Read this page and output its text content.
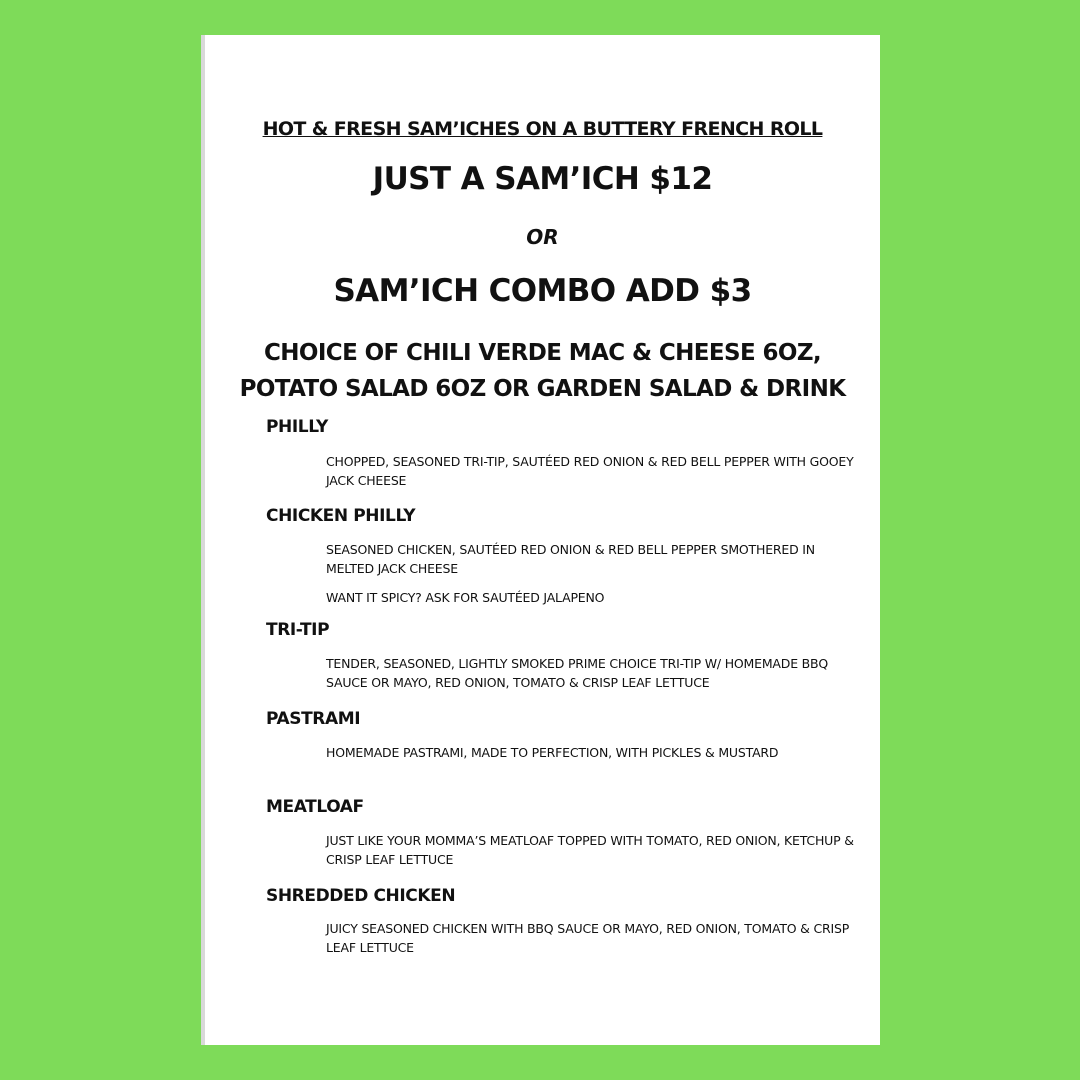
HOT & FRESH SAM’ICHES ON A BUTTERY FRENCH ROLL

JUST A SAM’ICH $12

OR

SAM’ICH COMBO ADD $3

CHOICE OF CHILI VERDE MAC & CHEESE 6OZ,
POTATO SALAD 6OZ OR GARDEN SALAD & DRINK

PHILLY

CHOPPED, SEASONED TRI-TIP, SAUTÉED RED ONION & RED BELL PEPPER WITH GOOEY JACK CHEESE

CHICKEN PHILLY

SEASONED CHICKEN, SAUTÉED RED ONION & RED BELL PEPPER SMOTHERED IN MELTED JACK CHEESE

WANT IT SPICY? ASK FOR SAUTÉED JALAPENO

TRI-TIP

TENDER, SEASONED, LIGHTLY SMOKED PRIME CHOICE TRI-TIP W/ HOMEMADE BBQ SAUCE OR MAYO, RED ONION, TOMATO & CRISP LEAF LETTUCE

PASTRAMI

HOMEMADE PASTRAMI, MADE TO PERFECTION, WITH PICKLES & MUSTARD

MEATLOAF

JUST LIKE YOUR MOMMA’S MEATLOAF TOPPED WITH TOMATO, RED ONION, KETCHUP & CRISP LEAF LETTUCE

SHREDDED CHICKEN

JUICY SEASONED CHICKEN WITH BBQ SAUCE OR MAYO, RED ONION, TOMATO & CRISP LEAF LETTUCE
